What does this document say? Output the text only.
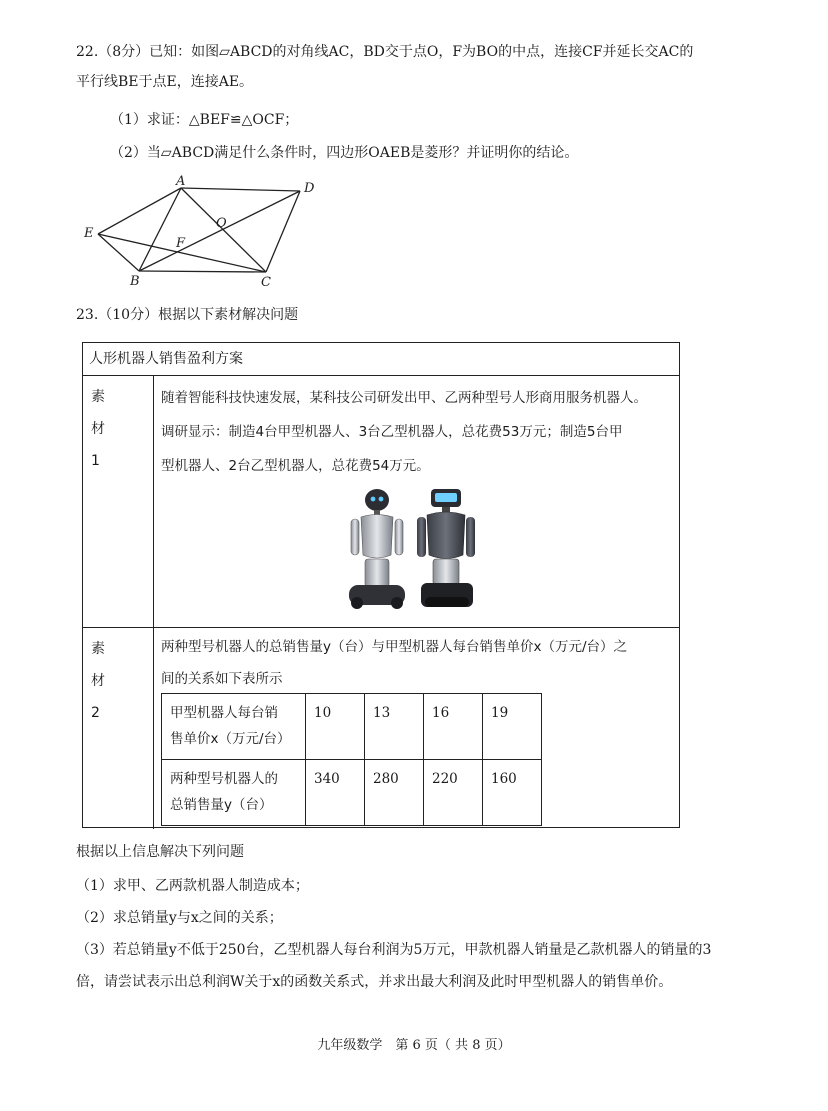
22.（8分）已知：如图▱ABCD的对角线AC，BD交于点O，F为BO的中点，连接CF并延长交AC的
平行线BE于点E，连接AE。
（1）求证：△BEF≌△OCF；
（2）当▱ABCD满足什么条件时，四边形OAEB是菱形？并证明你的结论。
A	D
E
O
F
B	C
23.（10分）根据以下素材解决问题
人形机器人销售盈利方案
素
材
1
随着智能科技快速发展，某科技公司研发出甲、乙两种型号人形商用服务机器人。
调研显示：制造4台甲型机器人、3台乙型机器人，总花费53万元；制造5台甲
型机器人、2台乙型机器人，总花费54万元。
素
材
2
两种型号机器人的总销售量y（台）与甲型机器人每台销售单价x（万元/台）之
间的关系如下表所示
甲型机器人每台销
售单价x（万元/台）	10	13	16	19

两种型号机器人的
总销售量y（台）	340	280	220	160
根据以上信息解决下列问题
（1）求甲、乙两款机器人制造成本；
（2）求总销量y与x之间的关系；
（3）若总销量y不低于250台，乙型机器人每台利润为5万元，甲款机器人销量是乙款机器人的销量的3
倍，请尝试表示出总利润W关于x的函数关系式，并求出最大利润及此时甲型机器人的销售单价。
九年级数学　第 6 页（ 共 8 页）
